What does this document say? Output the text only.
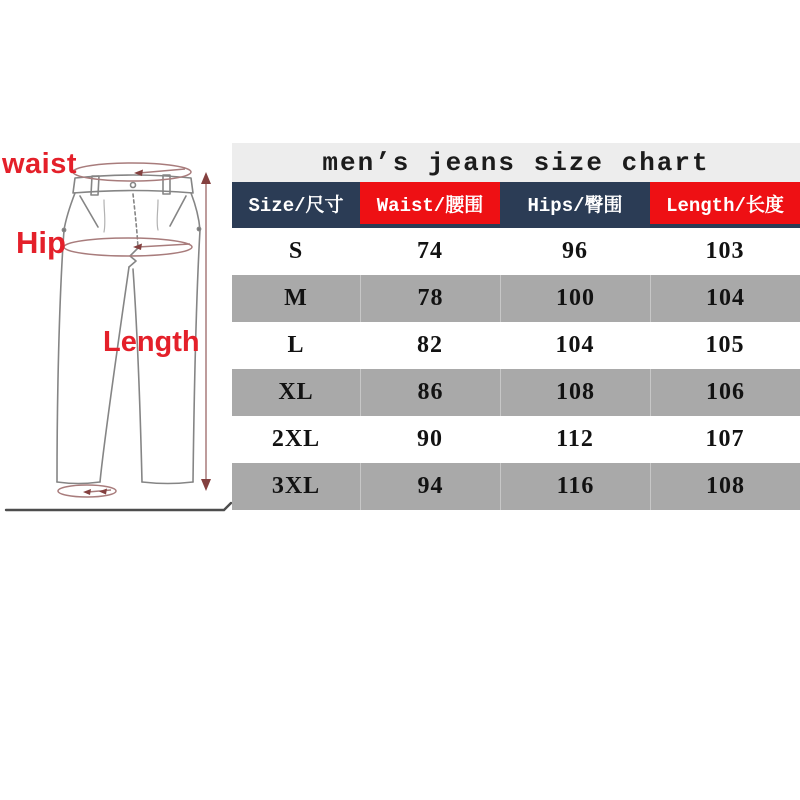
waist
Hip
Length
men’s jeans size chart
Size/尺寸	Waist/腰围	Hips/臀围	Length/长度
S	74	96	103
M	78	100	104
L	82	104	105
XL	86	108	106
2XL	90	112	107
3XL	94	116	108
